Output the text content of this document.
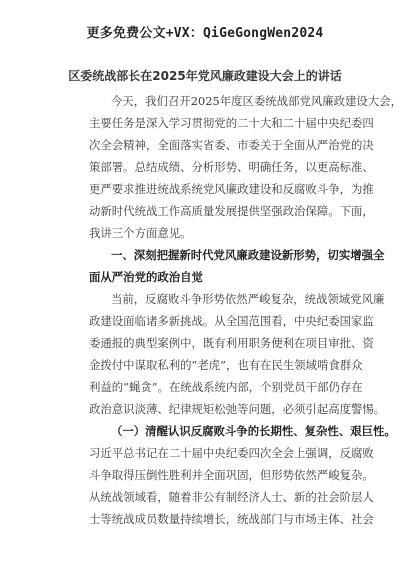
更多免费公文+VX：QiGeGongWen2024
区委统战部长在2025年党风廉政建设大会上的讲话
今天，我们召开2025年度区委统战部党风廉政建设大会，
主要任务是深入学习贯彻党的二十大和二十届中央纪委四
次全会精神，全面落实省委、市委关于全面从严治党的决
策部署。总结成绩、分析形势、明确任务，以更高标准、
更严要求推进统战系统党风廉政建设和反腐败斗争，为推
动新时代统战工作高质量发展提供坚强政治保障。下面，
我讲三个方面意见。
一、深刻把握新时代党风廉政建设新形势，切实增强全
面从严治党的政治自觉
当前，反腐败斗争形势依然严峻复杂，统战领域党风廉
政建设面临诸多新挑战。从全国范围看，中央纪委国家监
委通报的典型案例中，既有利用职务便利在项目审批、资
金拨付中谋取私利的“老虎”，也有在民生领域啃食群众
利益的“蝇贪”。在统战系统内部，个别党员干部仍存在
政治意识淡薄、纪律规矩松弛等问题，必须引起高度警惕。
（一）清醒认识反腐败斗争的长期性、复杂性、艰巨性。
习近平总书记在二十届中央纪委四次全会上强调，反腐败
斗争取得压倒性胜利并全面巩固，但形势依然严峻复杂。
从统战领域看，随着非公有制经济人士、新的社会阶层人
士等统战成员数量持续增长，统战部门与市场主体、社会
